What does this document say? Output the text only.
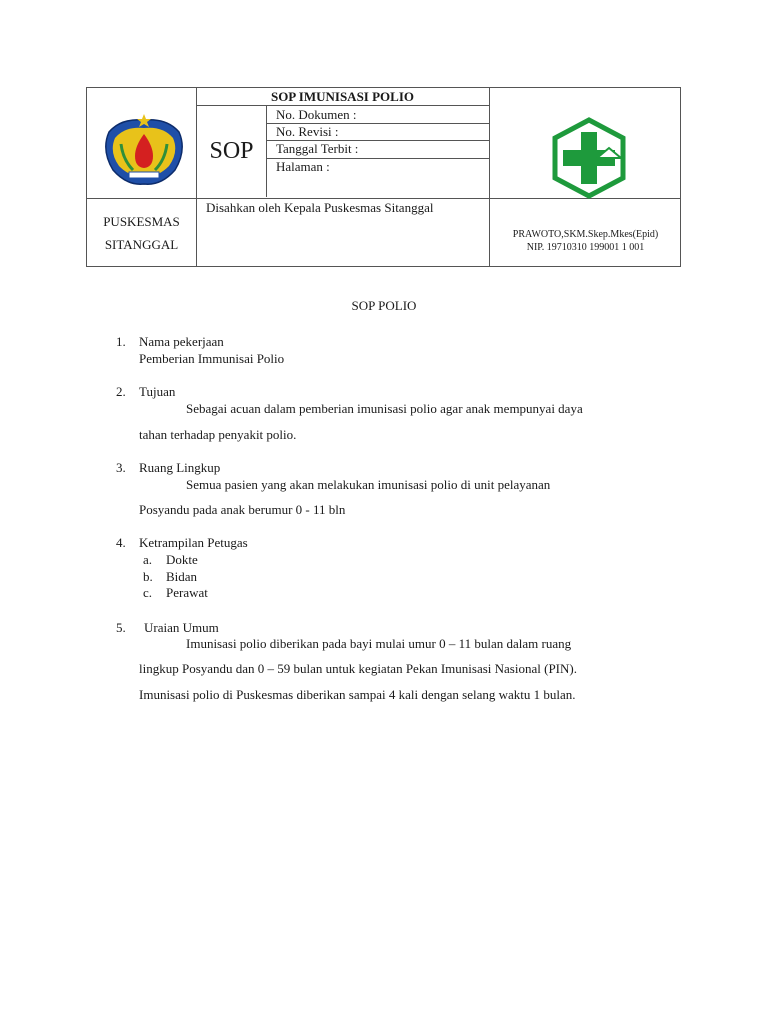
SOP IMUNISASI POLIO
SOP
No. Dokumen :
No. Revisi :
Tanggal Terbit :
Halaman :
PUSKESMAS
SITANGGAL
Disahkan oleh Kepala Puskesmas Sitanggal
PRAWOTO,SKM.Skep.Mkes(Epid)
NIP. 19710310 199001 1 001
SOP POLIO
1. Nama pekerjaan
Pemberian Immunisai Polio
2. Tujuan
Sebagai acuan dalam pemberian imunisasi polio agar anak mempunyai daya
tahan terhadap penyakit polio.
3. Ruang Lingkup
Semua pasien yang akan melakukan imunisasi polio di unit pelayanan
Posyandu pada anak berumur 0 - 11 bln
4. Ketrampilan Petugas
a. Dokte
b. Bidan
c. Perawat
5. Uraian Umum
Imunisasi polio diberikan pada bayi mulai umur 0 – 11 bulan dalam ruang
lingkup Posyandu dan 0 – 59 bulan untuk kegiatan Pekan Imunisasi Nasional (PIN).
Imunisasi polio di Puskesmas diberikan sampai 4 kali dengan selang waktu 1 bulan.
